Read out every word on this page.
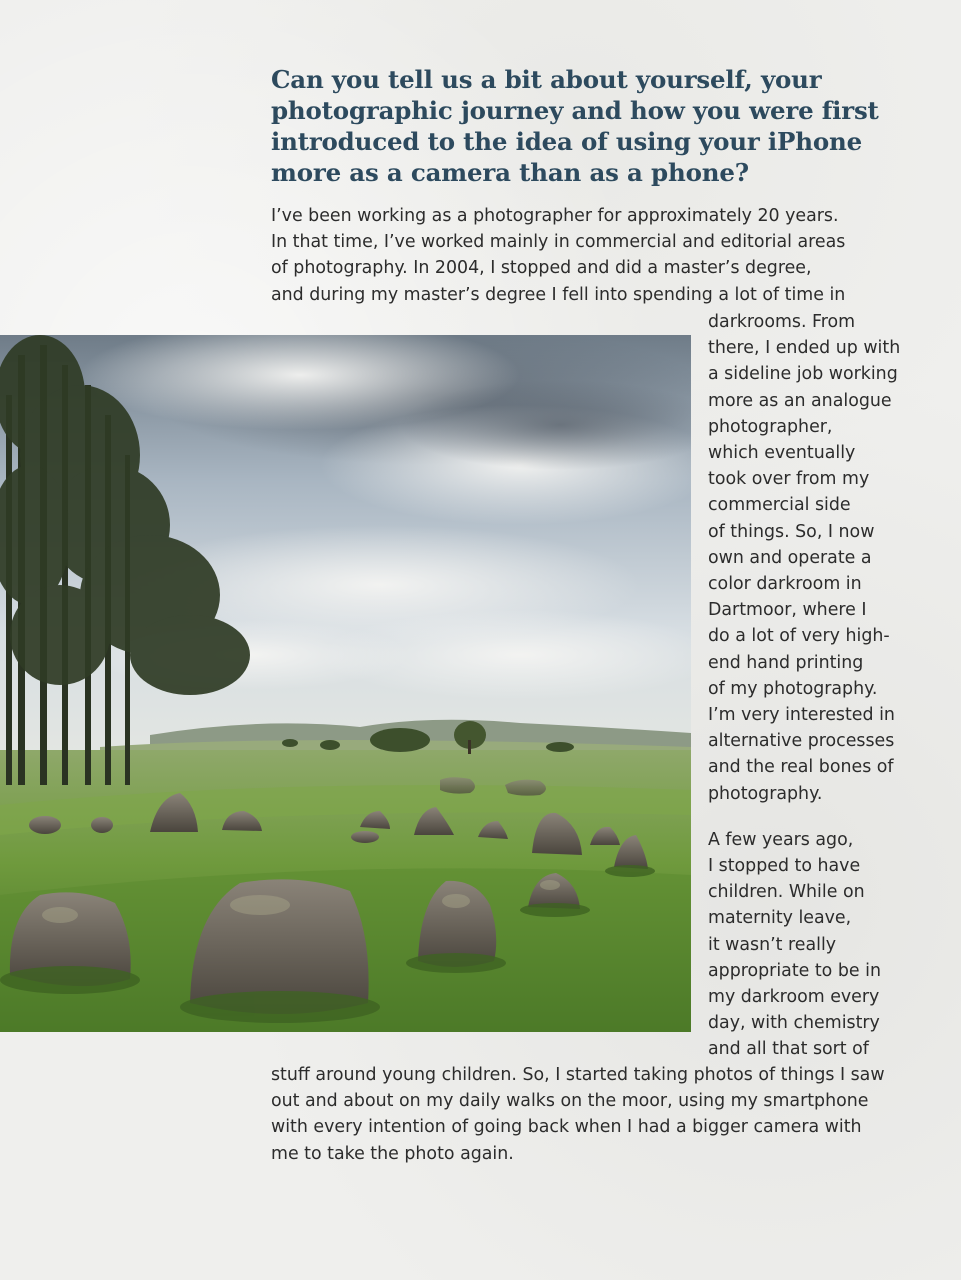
Can you tell us a bit about yourself, your photographic journey and how you were first introduced to the idea of using your iPhone more as a camera than as a phone?
I’ve been working as a photographer for approximately 20 years.
In that time, I’ve worked mainly in commercial and editorial areas
of photography. In 2004, I stopped and did a master’s degree,
and during my master’s degree I fell into spending a lot of time in
darkrooms. From
there, I ended up with
a sideline job working
more as an analogue
photographer,
which eventually
took over from my
commercial side
of things. So, I now
own and operate a
color darkroom in
Dartmoor, where I
do a lot of very high-
end hand printing
of my photography.
I’m very interested in
alternative processes
and the real bones of
photography.
A few years ago,
I stopped to have
children. While on
maternity leave,
it wasn’t really
appropriate to be in
my darkroom every
day, with chemistry
and all that sort of
stuff around young children. So, I started taking photos of things I saw
out and about on my daily walks on the moor, using my smartphone
with every intention of going back when I had a bigger camera with
me to take the photo again.
